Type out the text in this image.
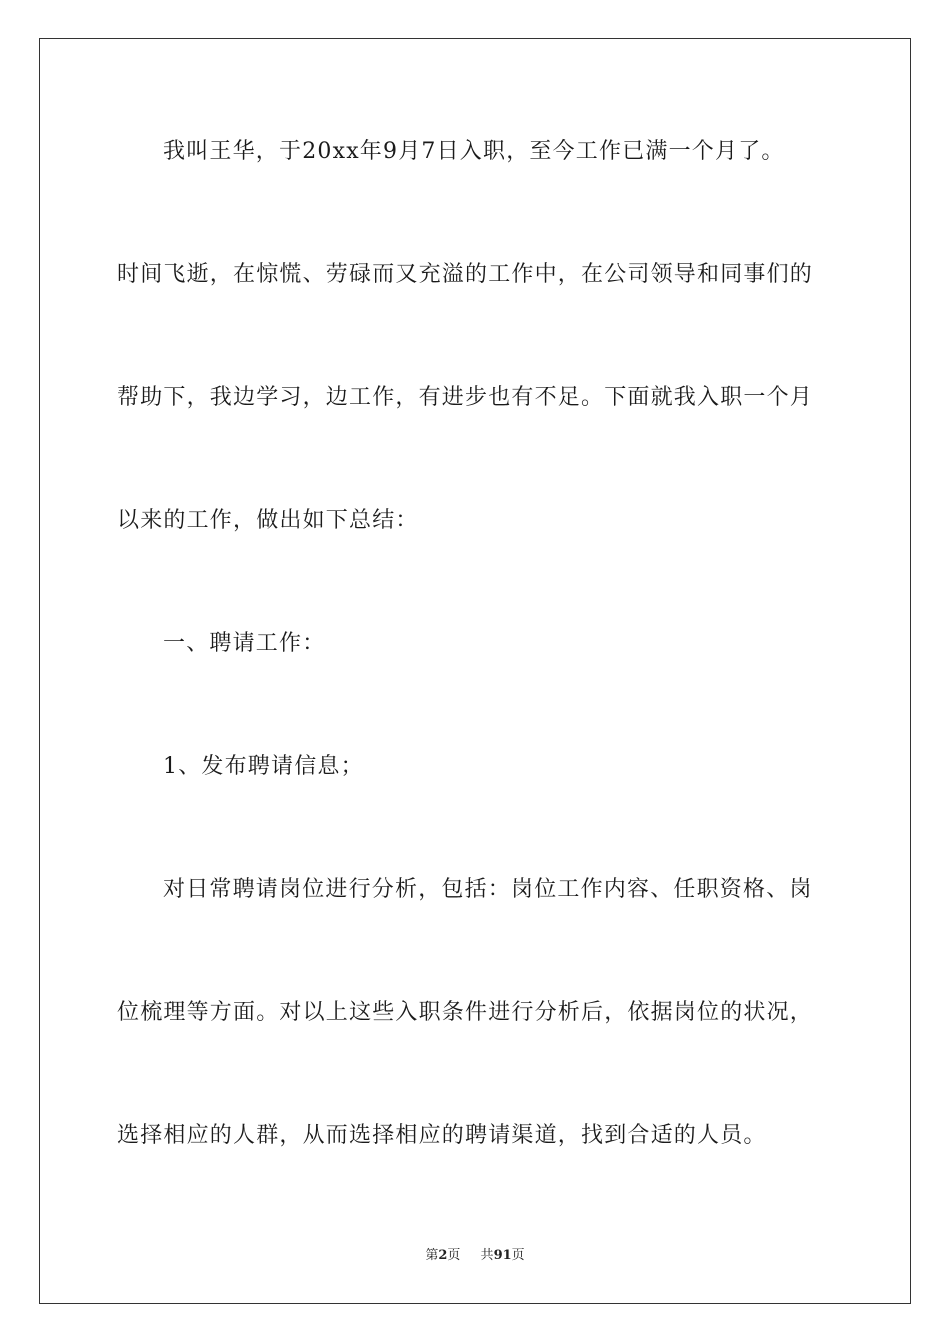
我叫王华，于20xx年9月7日入职，至今工作已满一个月了。
时间飞逝，在惊慌、劳碌而又充溢的工作中，在公司领导和同事们的
帮助下，我边学习，边工作，有进步也有不足。下面就我入职一个月
以来的工作，做出如下总结：
一、聘请工作：
1、发布聘请信息；
对日常聘请岗位进行分析，包括：岗位工作内容、任职资格、岗
位梳理等方面。对以上这些入职条件进行分析后，依据岗位的状况，
选择相应的人群，从而选择相应的聘请渠道，找到合适的人员。
第2页 共91页
